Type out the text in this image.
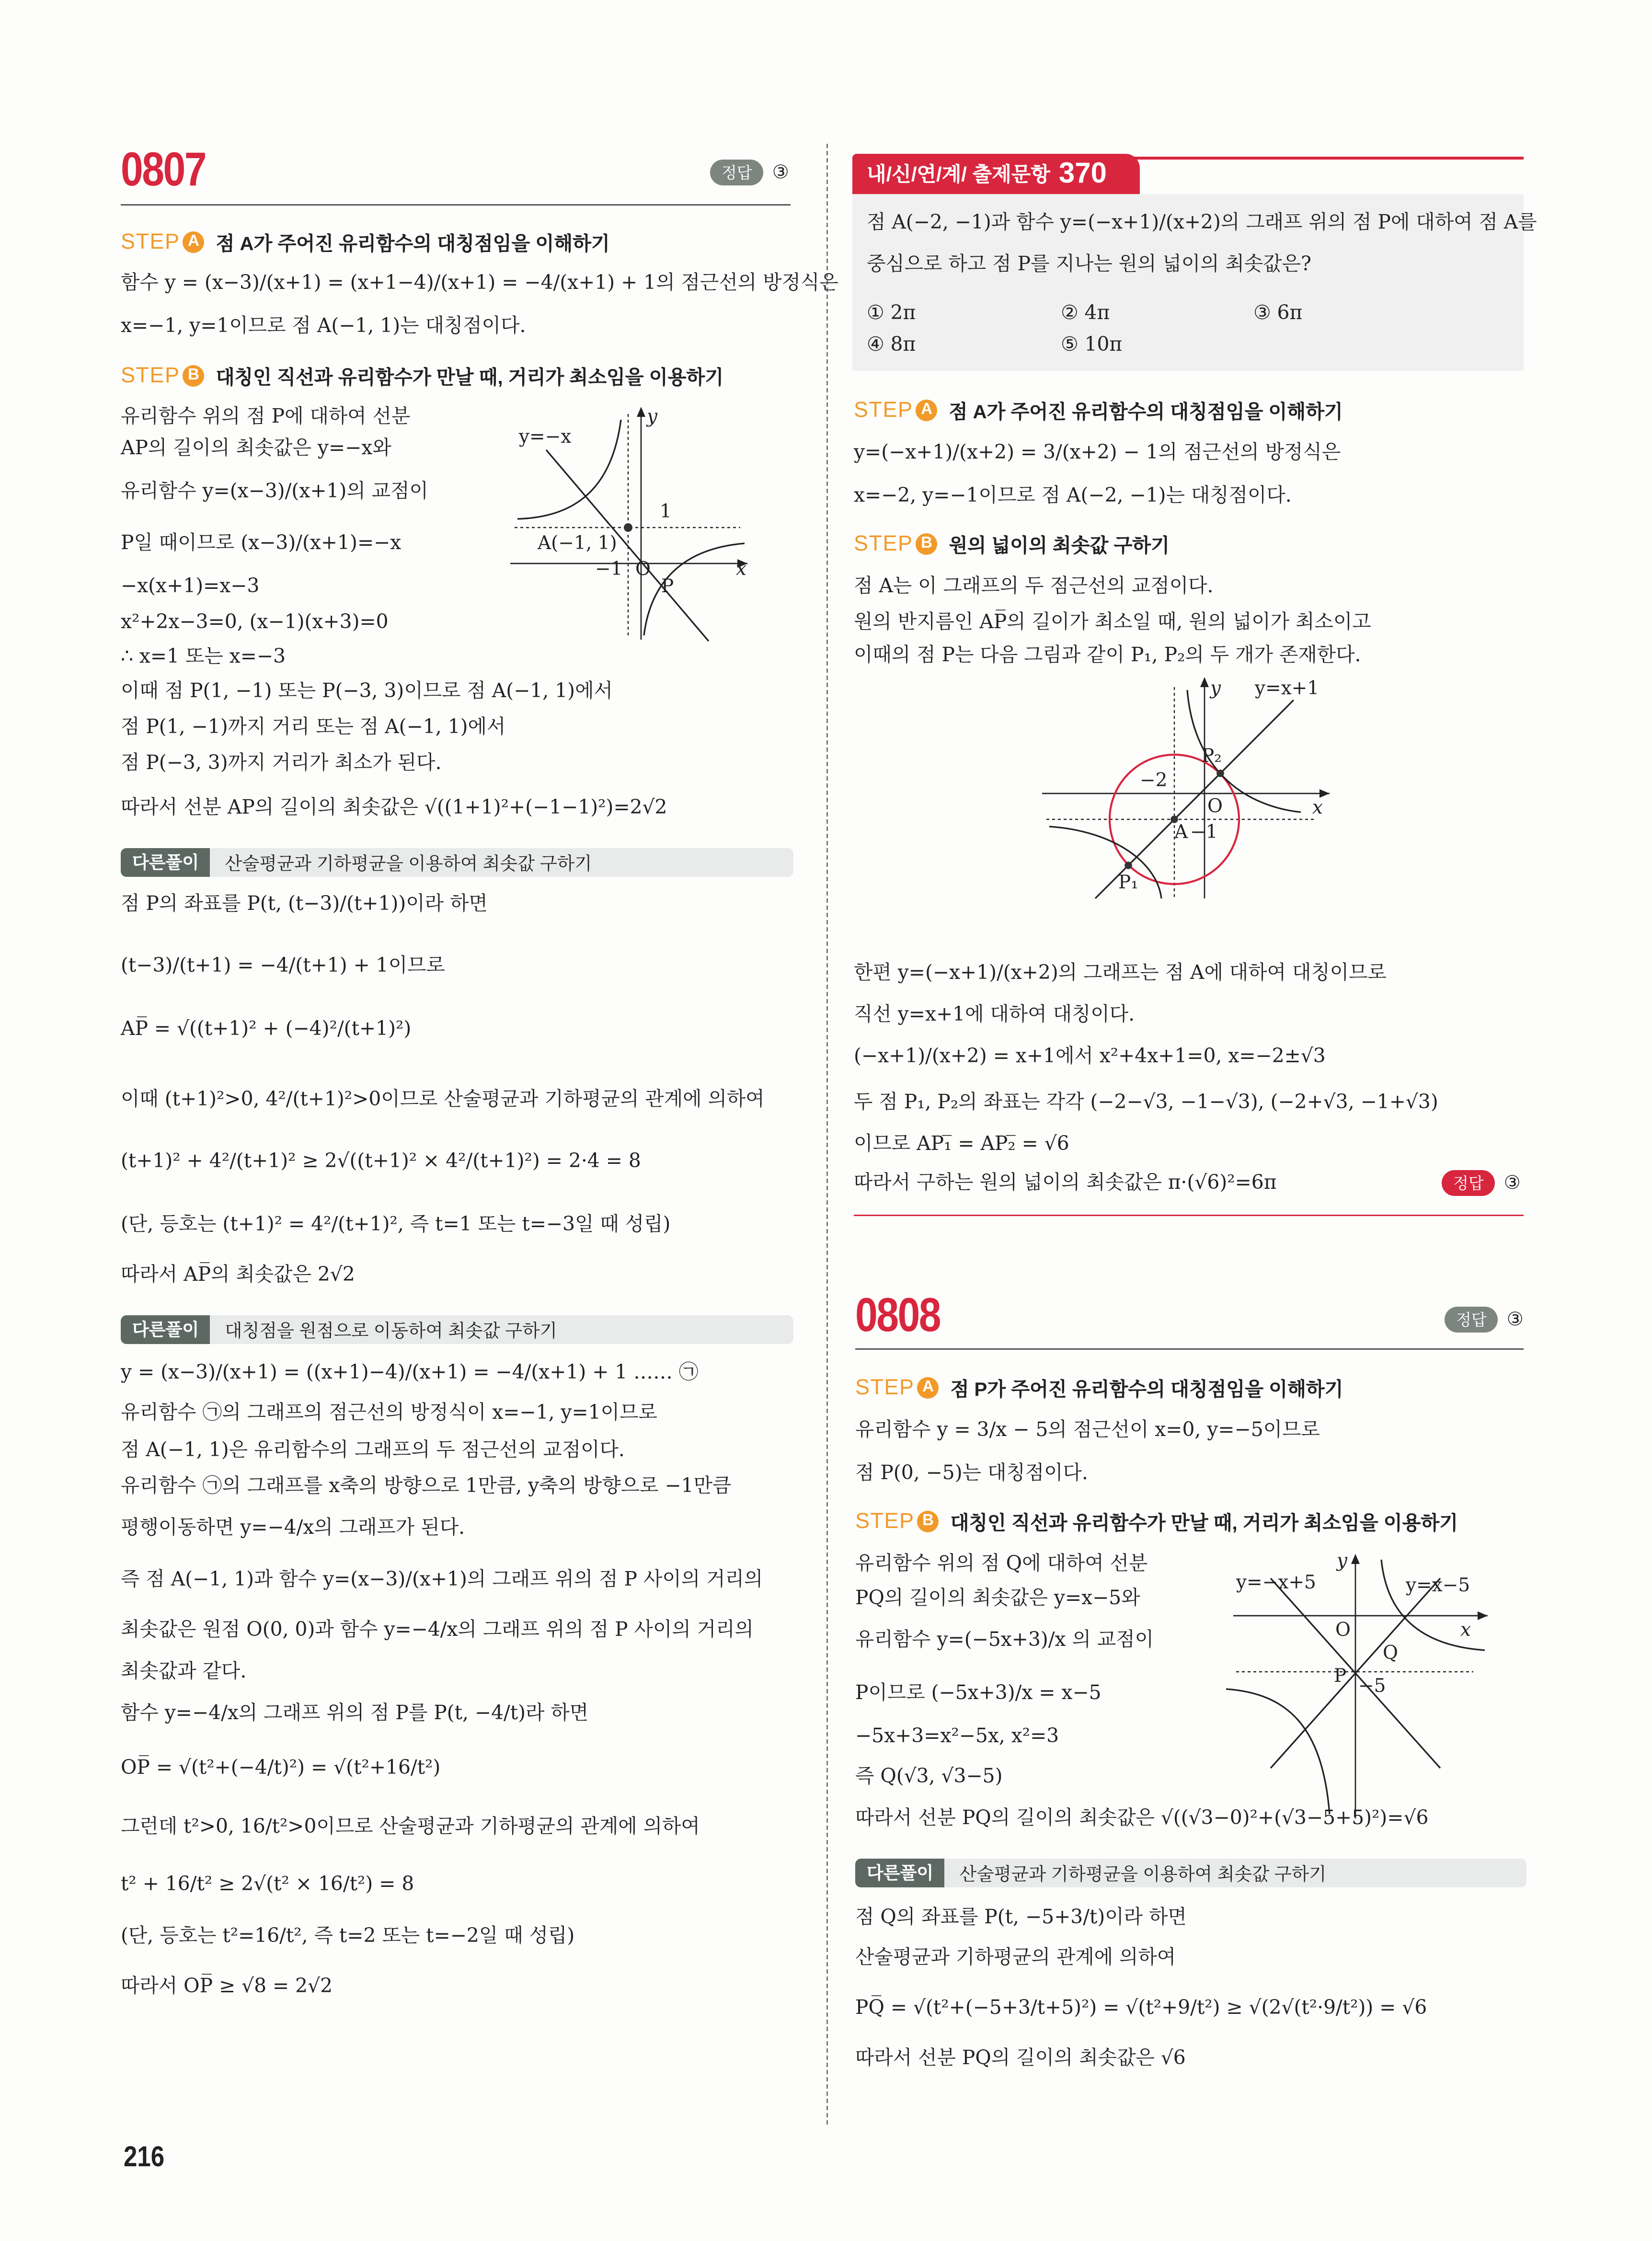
0807	정답	③
y=−x
y
x
1
A(−1, 1)
−1 O
P
내/신/연/계/ 출제문항 370
y=x+1
y
x
−2
O
A −1
P₁
P₂
정답	③
0808	정답	③
y=−x+5	y=x−5
y
x
O
Q
P −5
216
STEP	A	점 A가 주어진 유리함수의 대칭점임을 이해하기
함수 y = (x−3)/(x+1) = (x+1−4)/(x+1) = −4/(x+1) + 1의 점근선의 방정식은
x=−1, y=1이므로 점 A(−1, 1)는 대칭점이다.
STEP	B	대칭인 직선과 유리함수가 만날 때, 거리가 최소임을 이용하기
유리함수 위의 점 P에 대하여 선분
AP의 길이의 최솟값은 y=−x와
유리함수 y=(x−3)/(x+1)의 교점이
P일 때이므로 (x−3)/(x+1)=−x
−x(x+1)=x−3
x²+2x−3=0, (x−1)(x+3)=0
∴ x=1 또는 x=−3
이때 점 P(1, −1) 또는 P(−3, 3)이므로 점 A(−1, 1)에서
점 P(1, −1)까지 거리 또는 점 A(−1, 1)에서
점 P(−3, 3)까지 거리가 최소가 된다.
따라서 선분 AP의 길이의 최솟값은 √((1+1)²+(−1−1)²)=2√2
다른풀이	산술평균과 기하평균을 이용하여 최솟값 구하기
점 P의 좌표를 P(t, (t−3)/(t+1))이라 하면
(t−3)/(t+1) = −4/(t+1) + 1이므로
AP̅ = √((t+1)² + (−4)²/(t+1)²)
이때 (t+1)²>0, 4²/(t+1)²>0이므로 산술평균과 기하평균의 관계에 의하여
(t+1)² + 4²/(t+1)² ≥ 2√((t+1)² × 4²/(t+1)²) = 2·4 = 8
(단, 등호는 (t+1)² = 4²/(t+1)², 즉 t=1 또는 t=−3일 때 성립)
따라서 AP̅의 최솟값은 2√2
다른풀이	대칭점을 원점으로 이동하여 최솟값 구하기
y = (x−3)/(x+1) = ((x+1)−4)/(x+1) = −4/(x+1) + 1 …… ㉠
유리함수 ㉠의 그래프의 점근선의 방정식이 x=−1, y=1이므로
점 A(−1, 1)은 유리함수의 그래프의 두 점근선의 교점이다.
유리함수 ㉠의 그래프를 x축의 방향으로 1만큼, y축의 방향으로 −1만큼
평행이동하면 y=−4/x의 그래프가 된다.
즉 점 A(−1, 1)과 함수 y=(x−3)/(x+1)의 그래프 위의 점 P 사이의 거리의
최솟값은 원점 O(0, 0)과 함수 y=−4/x의 그래프 위의 점 P 사이의 거리의
최솟값과 같다.
함수 y=−4/x의 그래프 위의 점 P를 P(t, −4/t)라 하면
OP̅ = √(t²+(−4/t)²) = √(t²+16/t²)
그런데 t²>0, 16/t²>0이므로 산술평균과 기하평균의 관계에 의하여
t² + 16/t² ≥ 2√(t² × 16/t²) = 8
(단, 등호는 t²=16/t², 즉 t=2 또는 t=−2일 때 성립)
따라서 OP̅ ≥ √8 = 2√2
점 A(−2, −1)과 함수 y=(−x+1)/(x+2)의 그래프 위의 점 P에 대하여 점 A를
중심으로 하고 점 P를 지나는 원의 넓이의 최솟값은?
① 2π	② 4π	③ 6π
④ 8π	⑤ 10π
STEP	A	점 A가 주어진 유리함수의 대칭점임을 이해하기
y=(−x+1)/(x+2) = 3/(x+2) − 1의 점근선의 방정식은
x=−2, y=−1이므로 점 A(−2, −1)는 대칭점이다.
STEP	B	원의 넓이의 최솟값 구하기
점 A는 이 그래프의 두 점근선의 교점이다.
원의 반지름인 AP̅의 길이가 최소일 때, 원의 넓이가 최소이고
이때의 점 P는 다음 그림과 같이 P₁, P₂의 두 개가 존재한다.
한편 y=(−x+1)/(x+2)의 그래프는 점 A에 대하여 대칭이므로
직선 y=x+1에 대하여 대칭이다.
(−x+1)/(x+2) = x+1에서 x²+4x+1=0, x=−2±√3
두 점 P₁, P₂의 좌표는 각각 (−2−√3, −1−√3), (−2+√3, −1+√3)
이므로 AP₁̅ = AP₂̅ = √6
따라서 구하는 원의 넓이의 최솟값은 π·(√6)²=6π
STEP	A	점 P가 주어진 유리함수의 대칭점임을 이해하기
유리함수 y = 3/x − 5의 점근선이 x=0, y=−5이므로
점 P(0, −5)는 대칭점이다.
STEP	B	대칭인 직선과 유리함수가 만날 때, 거리가 최소임을 이용하기
유리함수 위의 점 Q에 대하여 선분
PQ의 길이의 최솟값은 y=x−5와
유리함수 y=(−5x+3)/x 의 교점이
P이므로 (−5x+3)/x = x−5
−5x+3=x²−5x, x²=3
즉 Q(√3, √3−5)
따라서 선분 PQ의 길이의 최솟값은 √((√3−0)²+(√3−5+5)²)=√6
다른풀이	산술평균과 기하평균을 이용하여 최솟값 구하기
점 Q의 좌표를 P(t, −5+3/t)이라 하면
산술평균과 기하평균의 관계에 의하여
PQ̅ = √(t²+(−5+3/t+5)²) = √(t²+9/t²) ≥ √(2√(t²·9/t²)) = √6
따라서 선분 PQ의 길이의 최솟값은 √6
